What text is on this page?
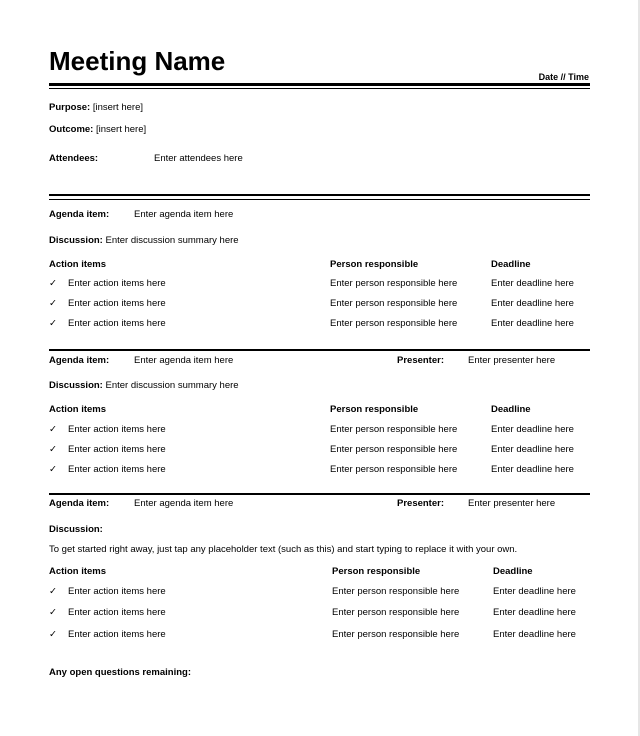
Meeting Name
Date // Time
Purpose: [insert here]
Outcome: [insert here]
Attendees:	Enter attendees here
Agenda item:	Enter agenda item here
Discussion: Enter discussion summary here
Action items	Person responsible	Deadline
✓ Enter action items here	Enter person responsible here	Enter deadline here
✓ Enter action items here	Enter person responsible here	Enter deadline here
✓ Enter action items here	Enter person responsible here	Enter deadline here
Agenda item:	Enter agenda item here	Presenter:	Enter presenter here
Discussion: Enter discussion summary here
Action items	Person responsible	Deadline
✓ Enter action items here	Enter person responsible here	Enter deadline here
✓ Enter action items here	Enter person responsible here	Enter deadline here
✓ Enter action items here	Enter person responsible here	Enter deadline here
Agenda item:	Enter agenda item here	Presenter:	Enter presenter here
Discussion:
To get started right away, just tap any placeholder text (such as this) and start typing to replace it with your own.
Action items	Person responsible	Deadline
✓ Enter action items here	Enter person responsible here	Enter deadline here
✓ Enter action items here	Enter person responsible here	Enter deadline here
✓ Enter action items here	Enter person responsible here	Enter deadline here
Any open questions remaining:
